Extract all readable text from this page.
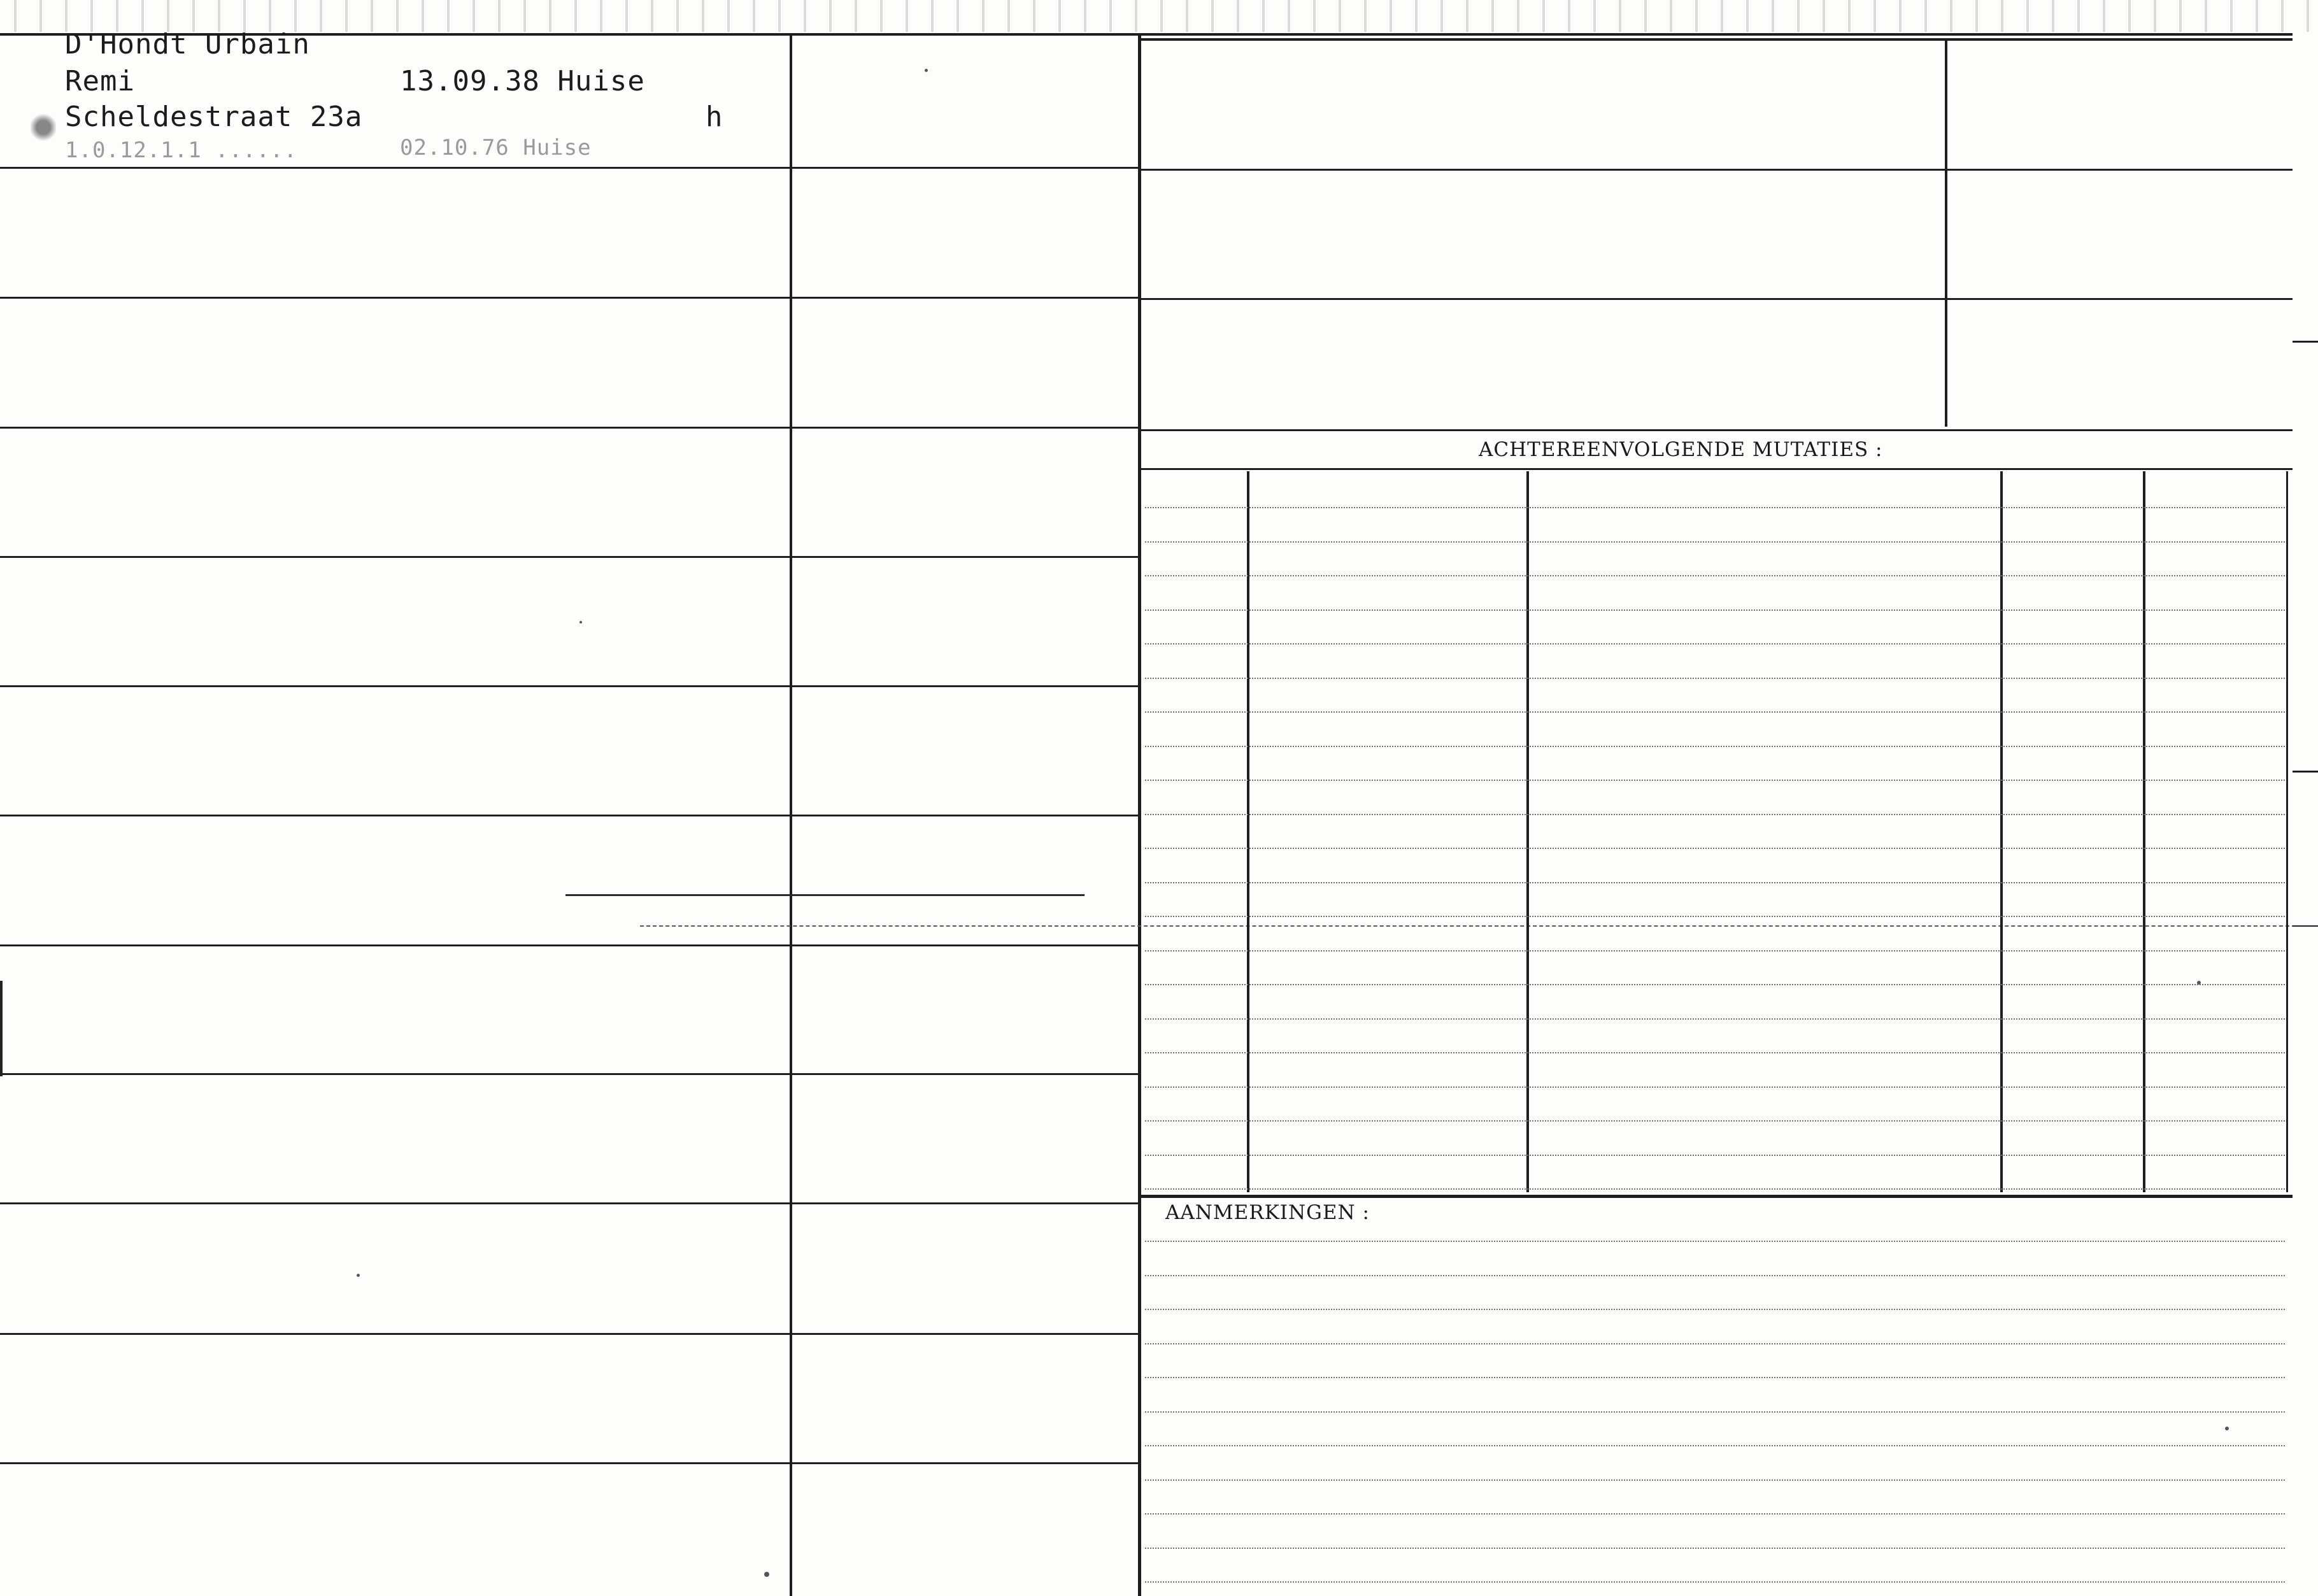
ACHTEREENVOLGENDE MUTATIES :
AANMERKINGEN :
D'Hondt Urbain
Remi	13.09.38 Huise
Scheldestraat 23a	h
1.0.12.1.1 ......	02.10.76 Huise
